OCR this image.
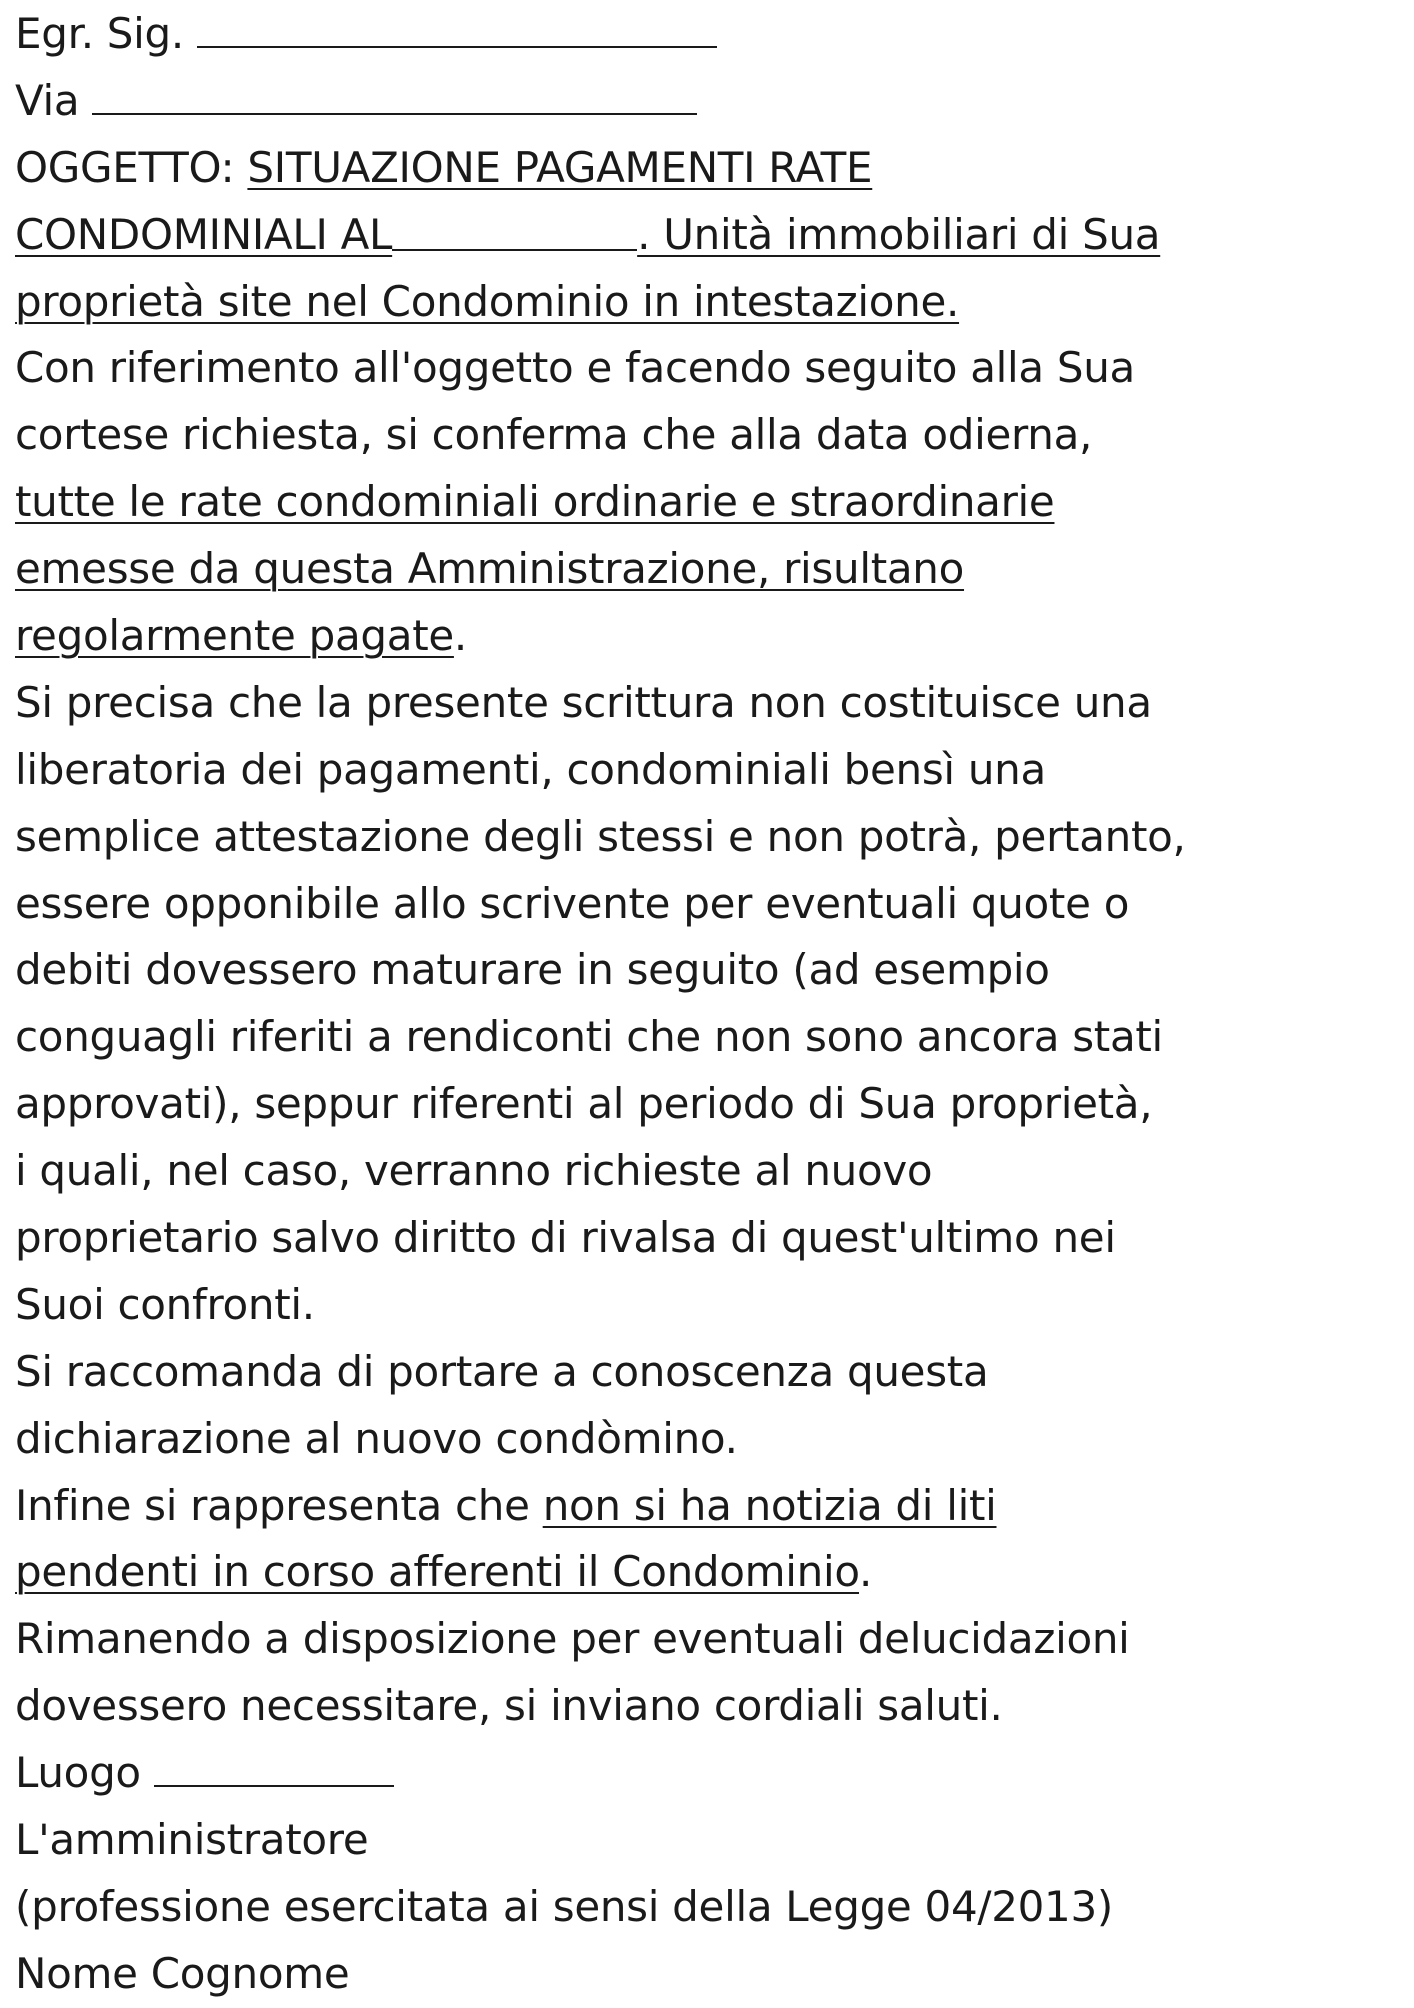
Egr. Sig.
Via
OGGETTO: SITUAZIONE PAGAMENTI RATE
CONDOMINIALI AL	. Unità immobiliari di Sua
proprietà site nel Condominio in intestazione.
Con riferimento all'oggetto e facendo seguito alla Sua
cortese richiesta, si conferma che alla data odierna,
tutte le rate condominiali ordinarie e straordinarie
emesse da questa Amministrazione, risultano
regolarmente pagate.
Si precisa che la presente scrittura non costituisce una
liberatoria dei pagamenti, condominiali bensì una
semplice attestazione degli stessi e non potrà, pertanto,
essere opponibile allo scrivente per eventuali quote o
debiti dovessero maturare in seguito (ad esempio
conguagli riferiti a rendiconti che non sono ancora stati
approvati), seppur riferenti al periodo di Sua proprietà,
i quali, nel caso, verranno richieste al nuovo
proprietario salvo diritto di rivalsa di quest'ultimo nei
Suoi confronti.
Si raccomanda di portare a conoscenza questa
dichiarazione al nuovo condòmino.
Infine si rappresenta che non si ha notizia di liti
pendenti in corso afferenti il Condominio.
Rimanendo a disposizione per eventuali delucidazioni
dovessero necessitare, si inviano cordiali saluti.
Luogo
L'amministratore
(professione esercitata ai sensi della Legge 04/2013)
Nome Cognome
